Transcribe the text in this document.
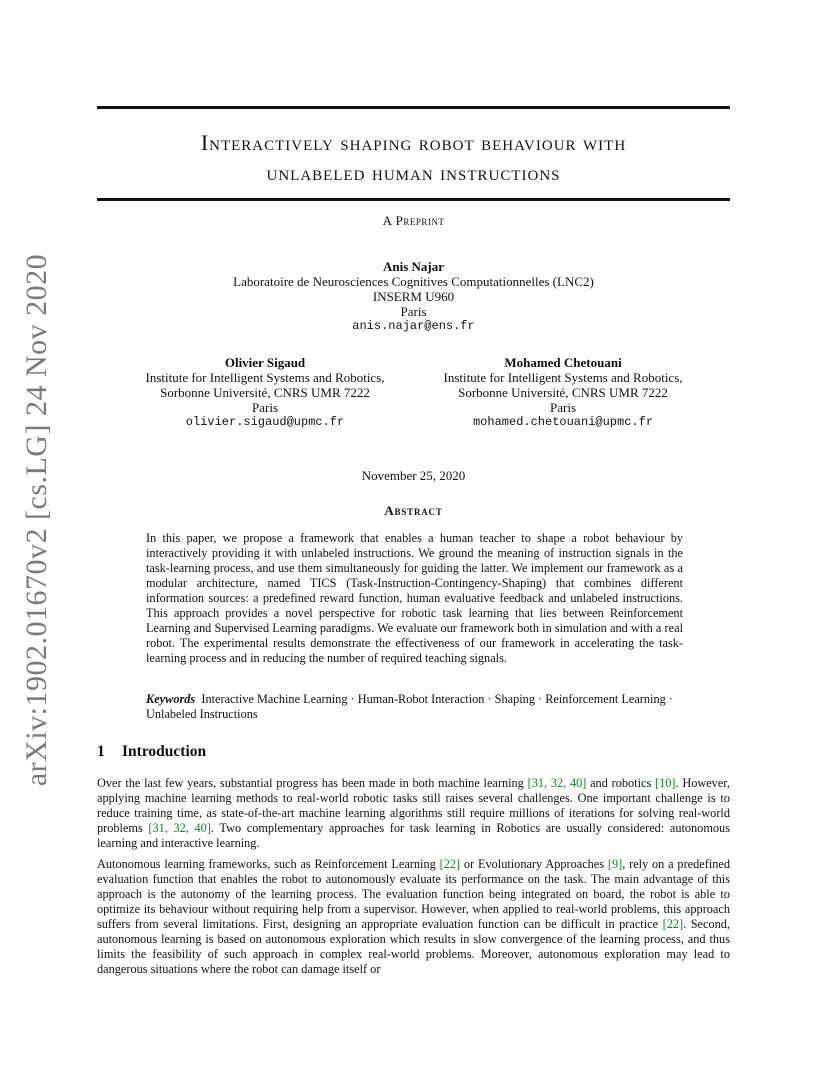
arXiv:1902.01670v2 [cs.LG] 24 Nov 2020
Interactively shaping robot behaviour with
unlabeled human instructions
A Preprint
Anis Najar
Laboratoire de Neurosciences Cognitives Computationnelles (LNC2)
INSERM U960
Paris
anis.najar@ens.fr
Olivier Sigaud
Institute for Intelligent Systems and Robotics,
Sorbonne Université, CNRS UMR 7222
Paris
olivier.sigaud@upmc.fr
Mohamed Chetouani
Institute for Intelligent Systems and Robotics,
Sorbonne Université, CNRS UMR 7222
Paris
mohamed.chetouani@upmc.fr
November 25, 2020
Abstract

In this paper, we propose a framework that enables a human teacher to shape a robot behaviour by interactively providing it with unlabeled instructions. We ground the meaning of instruction signals in the task-learning process, and use them simultaneously for guiding the latter. We implement our framework as a modular architecture, named TICS (Task-Instruction-Contingency-Shaping) that combines different information sources: a predefined reward function, human evaluative feedback and unlabeled instructions. This approach provides a novel perspective for robotic task learning that lies between Reinforcement Learning and Supervised Learning paradigms. We evaluate our framework both in simulation and with a real robot. The experimental results demonstrate the effectiveness of our framework in accelerating the task-learning process and in reducing the number of required teaching signals.

Keywords Interactive Machine Learning · Human-Robot Interaction · Shaping · Reinforcement Learning · Unlabeled Instructions
1 Introduction

Over the last few years, substantial progress has been made in both machine learning [31, 32, 40] and robotics [10]. However, applying machine learning methods to real-world robotic tasks still raises several challenges. One important challenge is to reduce training time, as state-of-the-art machine learning algorithms still require millions of iterations for solving real-world problems [31, 32, 40]. Two complementary approaches for task learning in Robotics are usually considered: autonomous learning and interactive learning.

Autonomous learning frameworks, such as Reinforcement Learning [22] or Evolutionary Approaches [9], rely on a predefined evaluation function that enables the robot to autonomously evaluate its performance on the task. The main advantage of this approach is the autonomy of the learning process. The evaluation function being integrated on board, the robot is able to optimize its behaviour without requiring help from a supervisor. However, when applied to real-world problems, this approach suffers from several limitations. First, designing an appropriate evaluation function can be difficult in practice [22]. Second, autonomous learning is based on autonomous exploration which results in slow convergence of the learning process, and thus limits the feasibility of such approach in complex real-world problems. Moreover, autonomous exploration may lead to dangerous situations where the robot can damage itself or
